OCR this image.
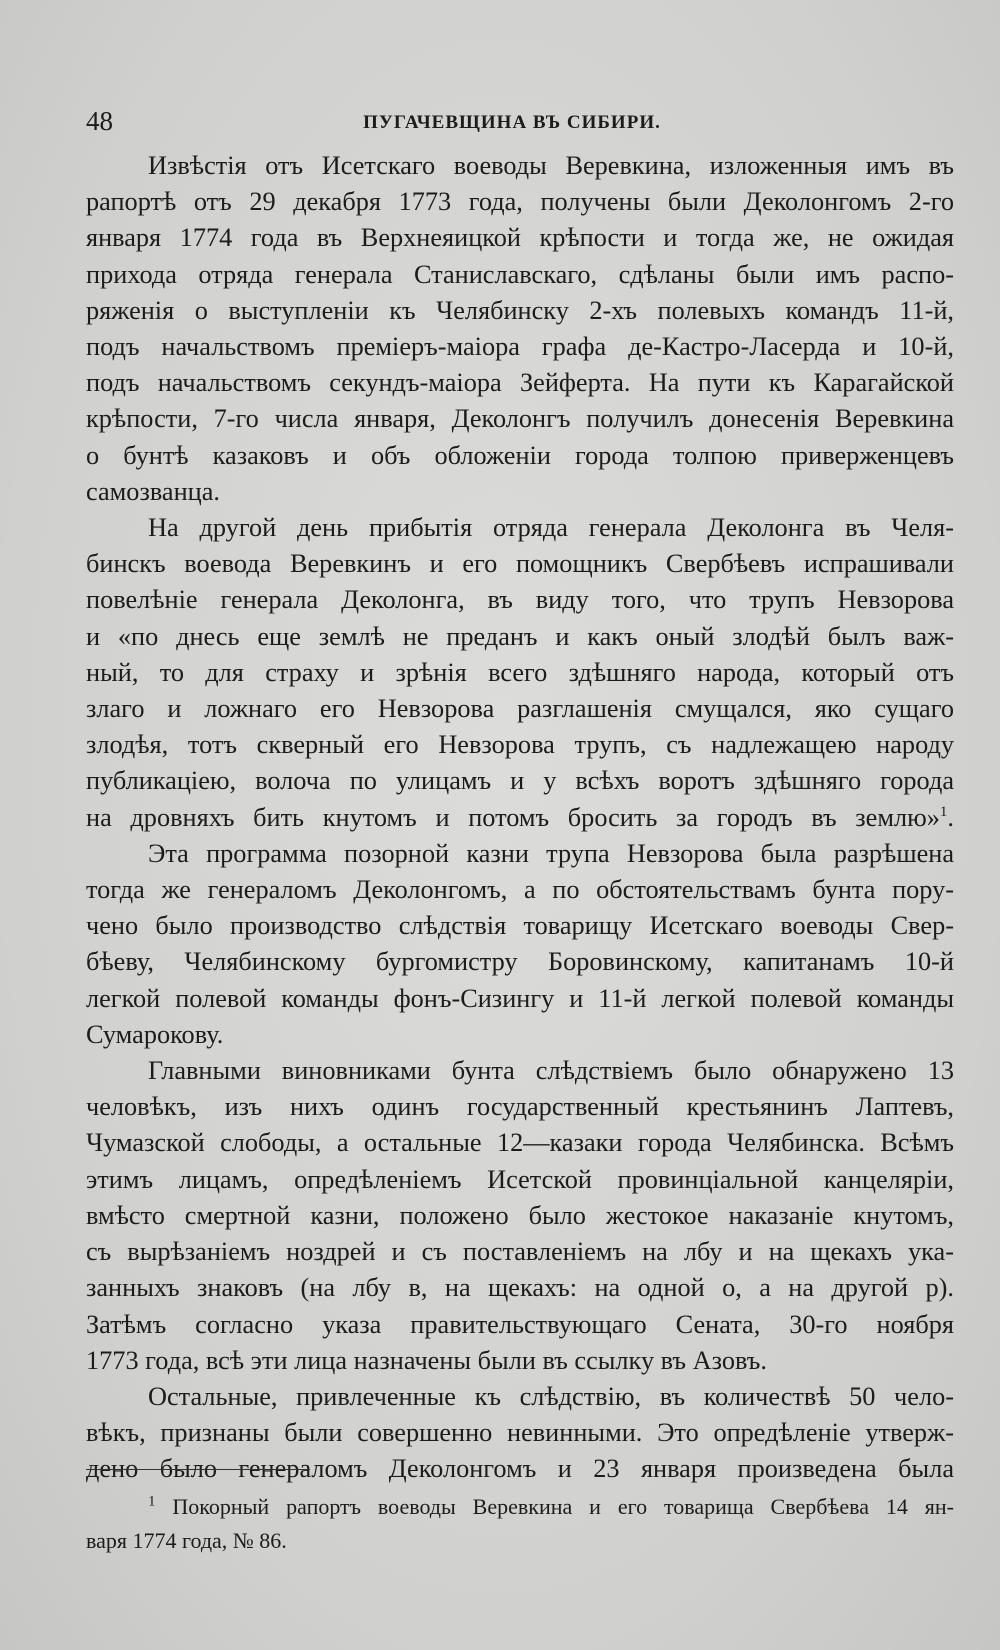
48	ПУГАЧЕВЩИНА ВЪ СИБИРИ.
Извѣстія отъ Исетскаго воеводы Веревкина, изложенныя имъ въ
рапортѣ отъ 29 декабря 1773 года, получены были Деколонгомъ 2-го
января 1774 года въ Верхнеяицкой крѣпости и тогда же, не ожидая
прихода отряда генерала Станиславскаго, сдѣланы были имъ распо-
ряженія о выступленіи къ Челябинску 2-хъ полевыхъ командъ 11-й,
подъ начальствомъ преміеръ-маіора графа де-Кастро-Ласерда и 10-й,
подъ начальствомъ секундъ-маіора Зейферта. На пути къ Карагайской
крѣпости, 7-го числа января, Деколонгъ получилъ донесенія Веревкина
о бунтѣ казаковъ и объ обложеніи города толпою приверженцевъ
самозванца.
На другой день прибытія отряда генерала Деколонга въ Челя-
бинскъ воевода Веревкинъ и его помощникъ Свербѣевъ испрашивали
повелѣніе генерала Деколонга, въ виду того, что трупъ Невзорова
и «по днесь еще землѣ не преданъ и какъ оный злодѣй былъ важ-
ный, то для страху и зрѣнія всего здѣшняго народа, который отъ
злаго и ложнаго его Невзорова разглашенія смущался, яко сущаго
злодѣя, тотъ скверный его Невзорова трупъ, съ надлежащею народу
публикаціею, волоча по улицамъ и у всѣхъ воротъ здѣшняго города
на дровняхъ бить кнутомъ и потомъ бросить за городъ въ землю»$^1$.
Эта программа позорной казни трупа Невзорова была разрѣшена
тогда же генераломъ Деколонгомъ, а по обстоятельствамъ бунта пору-
чено было производство слѣдствія товарищу Исетскаго воеводы Свер-
бѣеву, Челябинскому бургомистру Боровинскому, капитанамъ 10-й
легкой полевой команды фонъ-Сизингу и 11-й легкой полевой команды
Сумарокову.
Главными виновниками бунта слѣдствіемъ было обнаружено 13
человѣкъ, изъ нихъ одинъ государственный крестьянинъ Лаптевъ,
Чумазской слободы, а остальные 12—казаки города Челябинска. Всѣмъ
этимъ лицамъ, опредѣленіемъ Исетской провинціальной канцеляріи,
вмѣсто смертной казни, положено было жестокое наказаніе кнутомъ,
съ вырѣзаніемъ ноздрей и съ поставленіемъ на лбу и на щекахъ ука-
занныхъ знаковъ (на лбу в, на щекахъ: на одной о, а на другой р).
Затѣмъ согласно указа правительствующаго Сената, 30-го ноября
1773 года, всѣ эти лица назначены были въ ссылку въ Азовъ.
Остальные, привлеченные къ слѣдствію, въ количествѣ 50 чело-
вѣкъ, признаны были совершенно невинными. Это опредѣленіе утверж-
дено было генераломъ Деколонгомъ и 23 января произведена была
$^1$ Покорный рапортъ воеводы Веревкина и его товарища Свербѣева 14 ян-
варя 1774 года, № 86.
